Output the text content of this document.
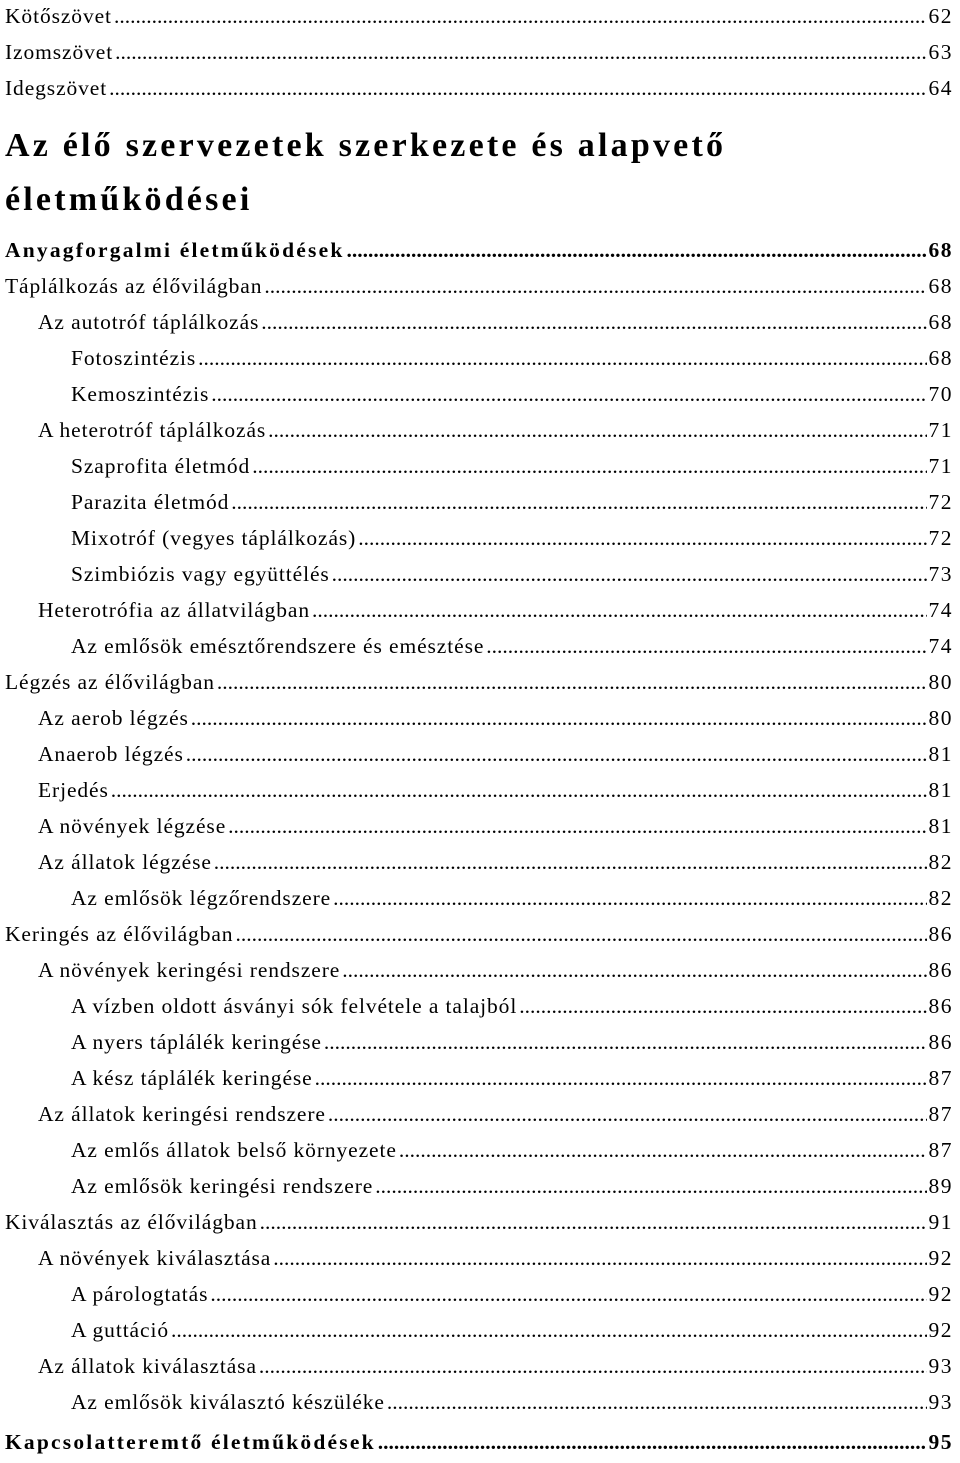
Az élő szervezetek szerkezete és alapvető
életműködései
Kötőszövet .....	62
Izomszövet .....	63
Idegszövet .....	64
Anyagforgalmi életműködések .....	68
Táplálkozás az élővilágban .....	68
Az autotróf táplálkozás .....	68
Fotoszintézis .....	68
Kemoszintézis .....	70
A heterotróf táplálkozás .....	71
Szaprofita életmód .....	71
Parazita életmód .....	72
Mixotróf (vegyes táplálkozás) .....	72
Szimbiózis vagy együttélés .....	73
Heterotrófia az állatvilágban .....	74
Az emlősök emésztőrendszere és emésztése .....	74
Légzés az élővilágban .....	80
Az aerob légzés .....	80
Anaerob légzés .....	81
Erjedés .....	81
A növények légzése .....	81
Az állatok légzése .....	82
Az emlősök légzőrendszere .....	82
Keringés az élővilágban .....	86
A növények keringési rendszere .....	86
A vízben oldott ásványi sók felvétele a talajból .....	86
A nyers táplálék keringése .....	86
A kész táplálék keringése .....	87
Az állatok keringési rendszere .....	87
Az emlős állatok belső környezete .....	87
Az emlősök keringési rendszere .....	89
Kiválasztás az élővilágban .....	91
A növények kiválasztása .....	92
A párologtatás .....	92
A guttáció .....	92
Az állatok kiválasztása .....	93
Az emlősök kiválasztó készüléke .....	93
Kapcsolatteremtő életműködések .....	95
